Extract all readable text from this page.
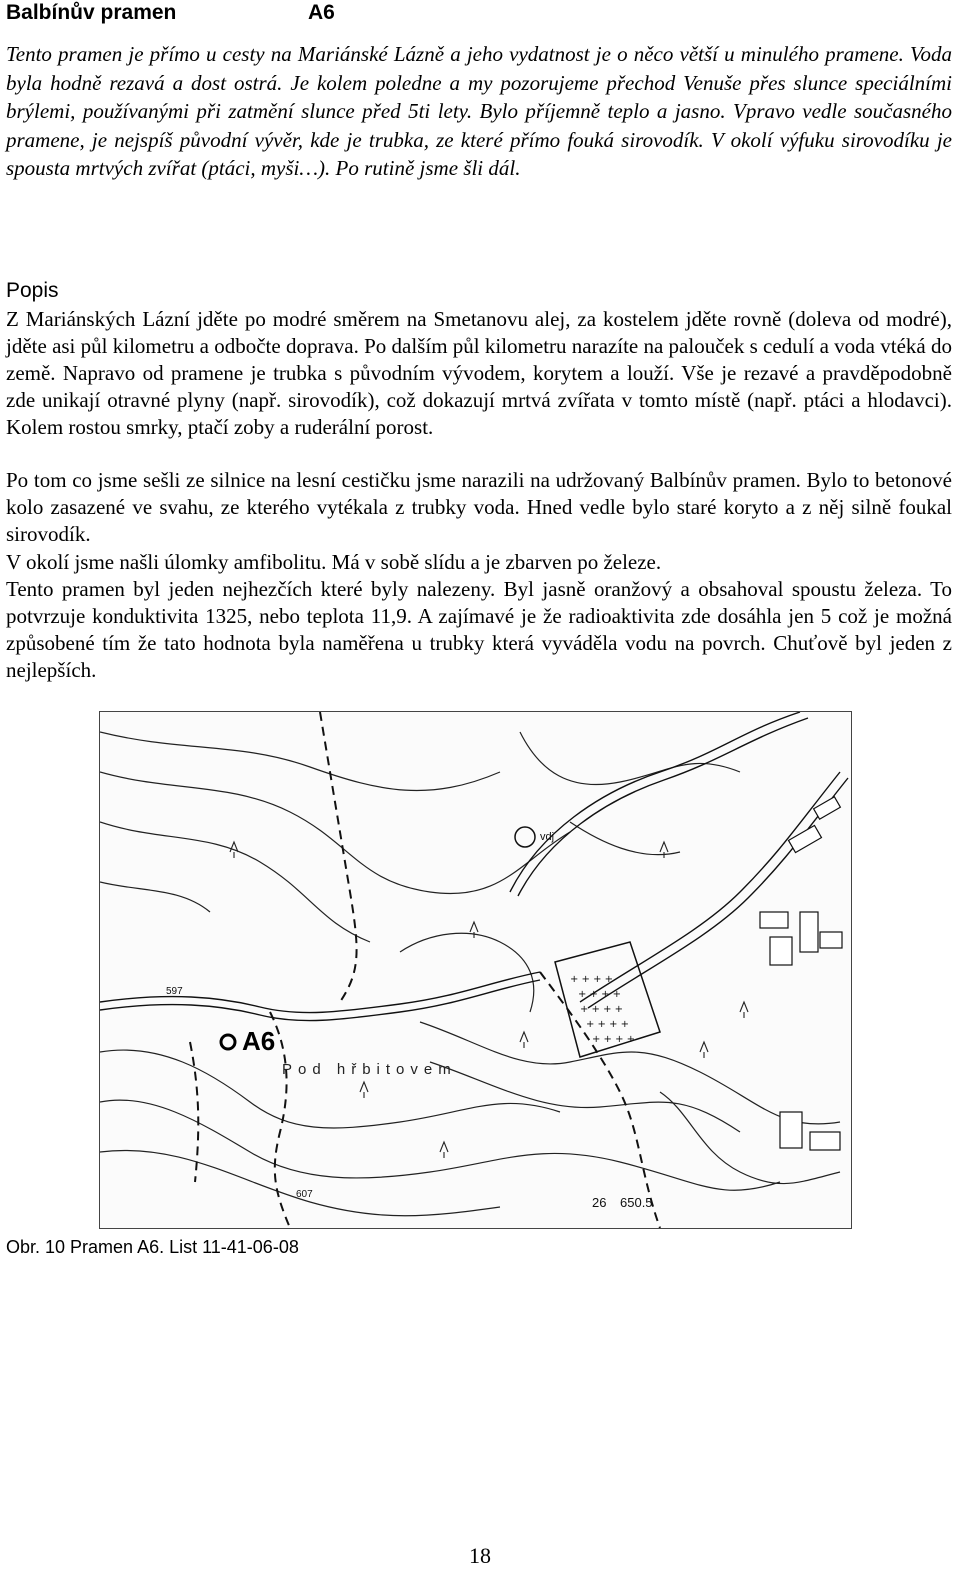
Balbínův pramen	A6

Tento pramen je přímo u cesty na Mariánské Lázně a jeho vydatnost je o něco větší u minulého pramene. Voda byla hodně rezavá a dost ostrá. Je kolem poledne a my pozorujeme přechod Venuše přes slunce speciálními brýlemi, používanými při zatmění slunce před 5ti lety. Bylo příjemně teplo a jasno. Vpravo vedle současného pramene, je nejspíš původní vývěr, kde je trubka, ze které přímo fouká sirovodík. V okolí výfuku sirovodíku je spousta mrtvých zvířat (ptáci, myši…). Po rutině jsme šli dál.

Popis

Z Mariánských Lázní jděte po modré směrem na Smetanovu alej, za kostelem jděte rovně (doleva od modré), jděte asi půl kilometru a odbočte doprava. Po dalším půl kilometru narazíte na palouček s cedulí a voda vtéká do země. Napravo od pramene je trubka s původním vývodem, korytem a louží. Vše je rezavé a pravděpodobně zde unikají otravné plyny (např. sirovodík), což dokazují mrtvá zvířata v tomto místě (např. ptáci a hlodavci). Kolem rostou smrky, ptačí zoby a ruderální porost.

Po tom co jsme sešli ze silnice na lesní cestičku jsme narazili na udržovaný Balbínův pramen. Bylo to betonové kolo zasazené ve svahu, ze kterého vytékala z trubky voda. Hned vedle bylo staré koryto a z něj silně foukal sirovodík.

V okolí jsme našli úlomky amfibolitu. Má v sobě slídu a je zbarven po železe.

Tento pramen byl jeden nejhezčích které byly nalezeny. Byl jasně oranžový a obsahoval spoustu železa. To potvrzuje konduktivita 1325, nebo teplota 11,9. A zajímavé je že radioaktivita zde dosáhla jen 5 což je možná způsobené tím že tato hodnota byla naměřena u trubky která vyváděla vodu na povrch. Chuťově byl jeden z nejlepších.

+ + + +
+ + + +
+ + + +
+ + + +
+ + + +
vdj
A6
Pod hřbitovem
597
607
26 650.5
Obr. 10 Pramen A6. List 11-41-06-08
18
